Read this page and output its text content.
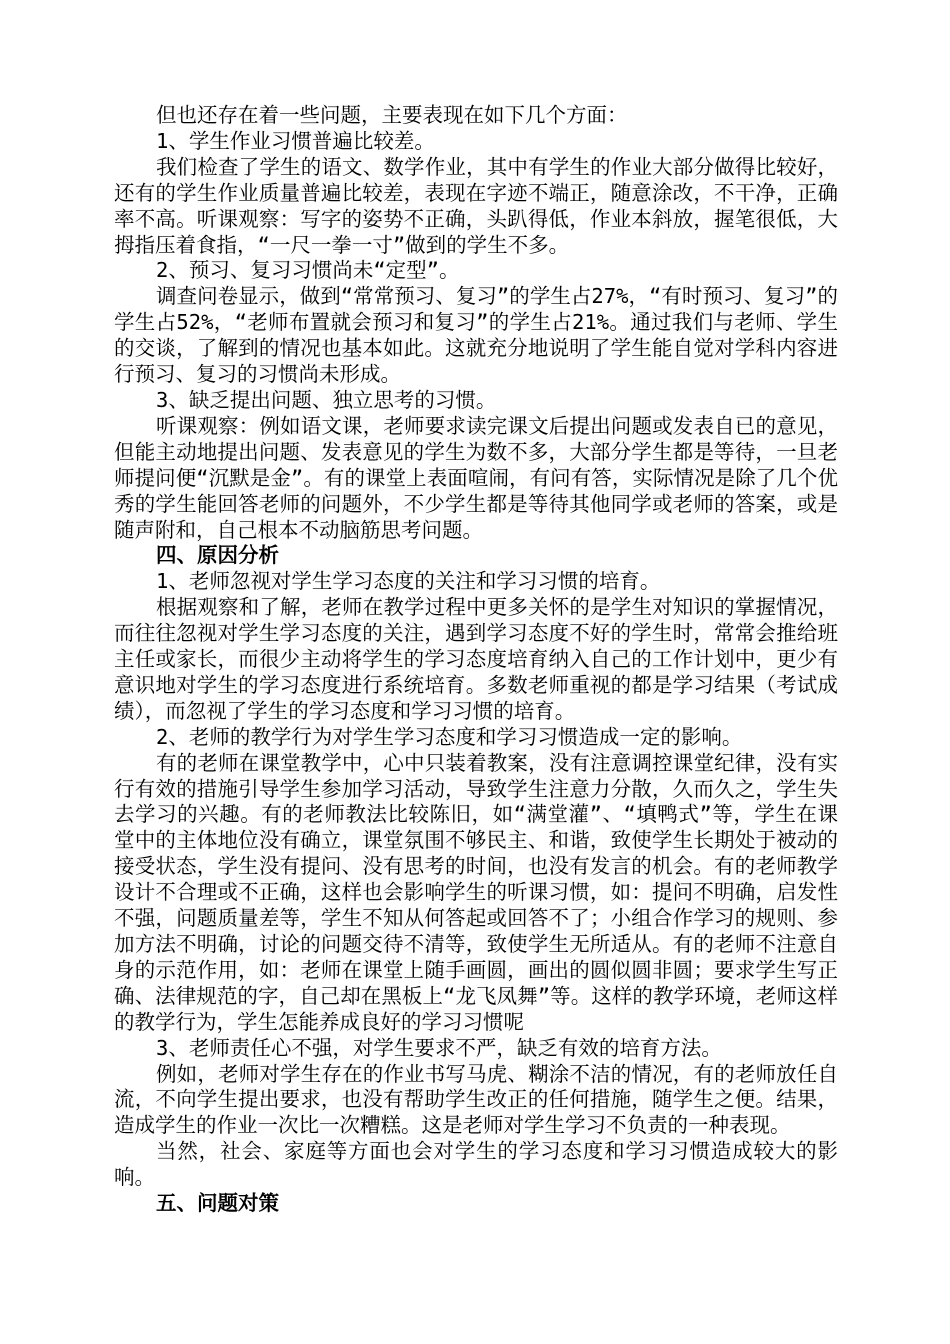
但也还存在着一些问题，主要表现在如下几个方面：

1、学生作业习惯普遍比较差。

我们检查了学生的语文、数学作业，其中有学生的作业大部分做得比较好，还有的学生作业质量普遍比较差，表现在字迹不端正，随意涂改，不干净，正确率不高。听课观察：写字的姿势不正确，头趴得低，作业本斜放，握笔很低，大拇指压着食指，“一尺一拳一寸”做到的学生不多。

2、预习、复习习惯尚未“定型”。

调查问卷显示，做到“常常预习、复习”的学生占27%，“有时预习、复习”的学生占52%，“老师布置就会预习和复习”的学生占21%。通过我们与老师、学生的交谈，了解到的情况也基本如此。这就充分地说明了学生能自觉对学科内容进行预习、复习的习惯尚未形成。

3、缺乏提出问题、独立思考的习惯。

听课观察：例如语文课，老师要求读完课文后提出问题或发表自已的意见，但能主动地提出问题、发表意见的学生为数不多，大部分学生都是等待，一旦老师提问便“沉默是金”。有的课堂上表面喧闹，有问有答，实际情况是除了几个优秀的学生能回答老师的问题外，不少学生都是等待其他同学或老师的答案，或是随声附和，自己根本不动脑筋思考问题。

四、原因分析

1、老师忽视对学生学习态度的关注和学习习惯的培育。

根据观察和了解，老师在教学过程中更多关怀的是学生对知识的掌握情况，而往往忽视对学生学习态度的关注，遇到学习态度不好的学生时，常常会推给班主任或家长，而很少主动将学生的学习态度培育纳入自己的工作计划中，更少有意识地对学生的学习态度进行系统培育。多数老师重视的都是学习结果（考试成绩），而忽视了学生的学习态度和学习习惯的培育。

2、老师的教学行为对学生学习态度和学习习惯造成一定的影响。

有的老师在课堂教学中，心中只装着教案，没有注意调控课堂纪律，没有实行有效的措施引导学生参加学习活动，导致学生注意力分散，久而久之，学生失去学习的兴趣。有的老师教法比较陈旧，如“满堂灌”、“填鸭式”等，学生在课堂中的主体地位没有确立，课堂氛围不够民主、和谐，致使学生长期处于被动的接受状态，学生没有提问、没有思考的时间，也没有发言的机会。有的老师教学设计不合理或不正确，这样也会影响学生的听课习惯，如：提问不明确，启发性不强，问题质量差等，学生不知从何答起或回答不了；小组合作学习的规则、参加方法不明确，讨论的问题交待不清等，致使学生无所适从。有的老师不注意自身的示范作用，如：老师在课堂上随手画圆，画出的圆似圆非圆；要求学生写正确、法律规范的字，自己却在黑板上“龙飞凤舞”等。这样的教学环境，老师这样的教学行为，学生怎能养成良好的学习习惯呢

3、老师责任心不强，对学生要求不严，缺乏有效的培育方法。

例如，老师对学生存在的作业书写马虎、糊涂不洁的情况，有的老师放任自流，不向学生提出要求，也没有帮助学生改正的任何措施，随学生之便。结果，造成学生的作业一次比一次糟糕。这是老师对学生学习不负责的一种表现。

当然，社会、家庭等方面也会对学生的学习态度和学习习惯造成较大的影响。

五、问题对策
